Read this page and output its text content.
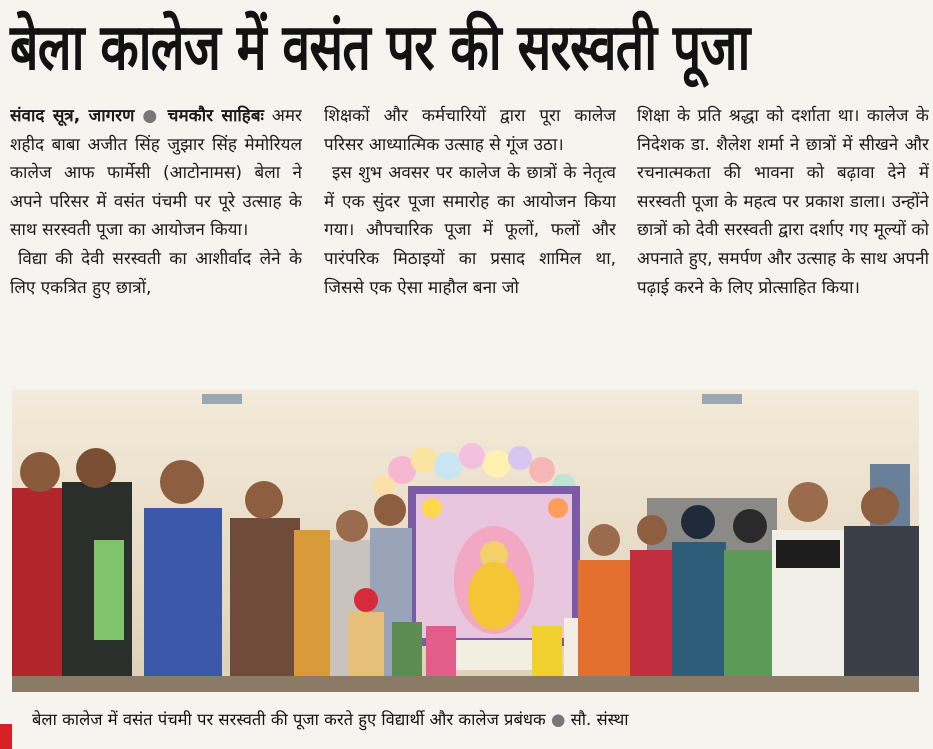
बेला कालेज में वसंत पर की सरस्वती पूजा

संवाद सूत्र, जागरण ● चमकौर साहिबः अमर शहीद बाबा अजीत सिंह जुझार सिंह मेमोरियल कालेज आफ फार्मेसी (आटोनामस) बेला ने अपने परिसर में वसंत पंचमी पर पूरे उत्साह के साथ सरस्वती पूजा का आयोजन किया।

विद्या की देवी सरस्वती का आशीर्वाद लेने के लिए एकत्रित हुए छात्रों,

शिक्षकों और कर्मचारियों द्वारा पूरा कालेज परिसर आध्यात्मिक उत्साह से गूंज उठा।

इस शुभ अवसर पर कालेज के छात्रों के नेतृत्व में एक सुंदर पूजा समारोह का आयोजन किया गया। औपचारिक पूजा में फूलों, फलों और पारंपरिक मिठाइयों का प्रसाद शामिल था, जिससे एक ऐसा माहौल बना जो

शिक्षा के प्रति श्रद्धा को दर्शाता था। कालेज के निदेशक डा. शैलेश शर्मा ने छात्रों में सीखने और रचनात्मकता की भावना को बढ़ावा देने में सरस्वती पूजा के महत्व पर प्रकाश डाला। उन्होंने छात्रों को देवी सरस्वती द्वारा दर्शाए गए मूल्यों को अपनाते हुए, समर्पण और उत्साह के साथ अपनी पढ़ाई करने के लिए प्रोत्साहित किया।

बेला कालेज में वसंत पंचमी पर सरस्वती की पूजा करते हुए विद्यार्थी और कालेज प्रबंधक ● सौ. संस्था
